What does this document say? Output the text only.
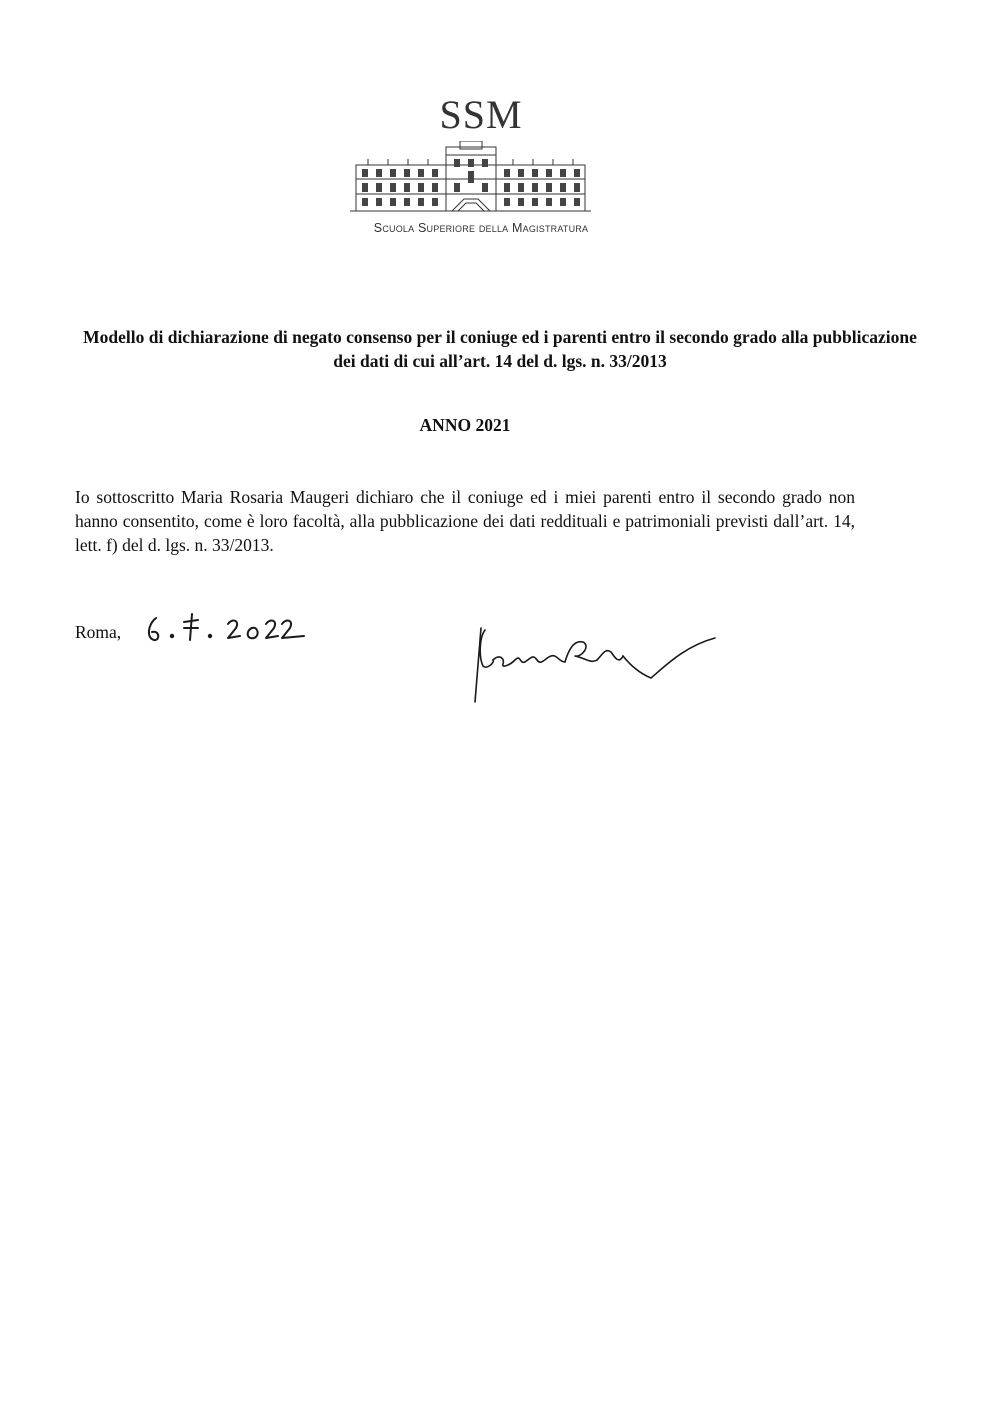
SSM
Scuola Superiore della Magistratura
Modello di dichiarazione di negato consenso per il coniuge ed i parenti entro il secondo grado alla pubblicazione dei dati di cui all’art. 14 del d. lgs. n. 33/2013
ANNO 2021
Io sottoscritto Maria Rosaria Maugeri dichiaro che il coniuge ed i miei parenti entro il secondo grado non hanno consentito, come è loro facoltà, alla pubblicazione dei dati reddituali e patrimoniali previsti dall’art. 14, lett. f) del d. lgs. n. 33/2013.
Roma,
